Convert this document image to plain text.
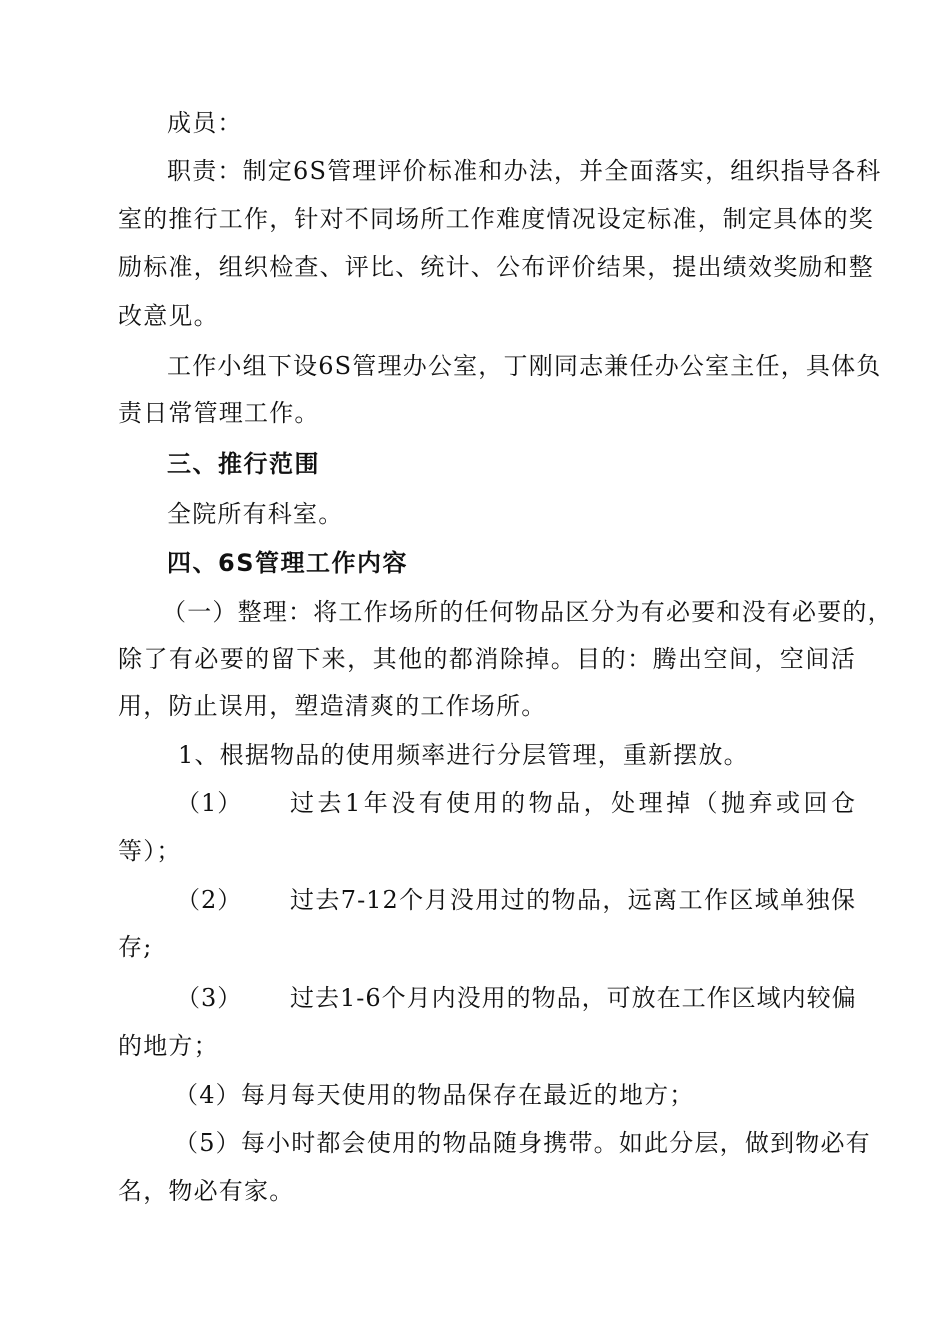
成员：

职责：制定6S管理评价标准和办法，并全面落实，组织指导各科

室的推行工作，针对不同场所工作难度情况设定标准，制定具体的奖

励标准，组织检查、评比、统计、公布评价结果，提出绩效奖励和整

改意见。

工作小组下设6S管理办公室，丁刚同志兼任办公室主任，具体负

责日常管理工作。

三、推行范围

全院所有科室。

四、6S管理工作内容

（一）整理：将工作场所的任何物品区分为有必要和没有必要的，

除了有必要的留下来，其他的都消除掉。目的：腾出空间，空间活

用，防止误用，塑造清爽的工作场所。

1、根据物品的使用频率进行分层管理，重新摆放。

（1） 过去1年没有使用的物品，处理掉（抛弃或回仓

等）；

（2） 过去7-12个月没用过的物品，远离工作区域单独保

存;

（3） 过去1-6个月内没用的物品，可放在工作区域内较偏

的地方；

（4）每月每天使用的物品保存在最近的地方；

（5）每小时都会使用的物品随身携带。如此分层，做到物必有

名，物必有家。
